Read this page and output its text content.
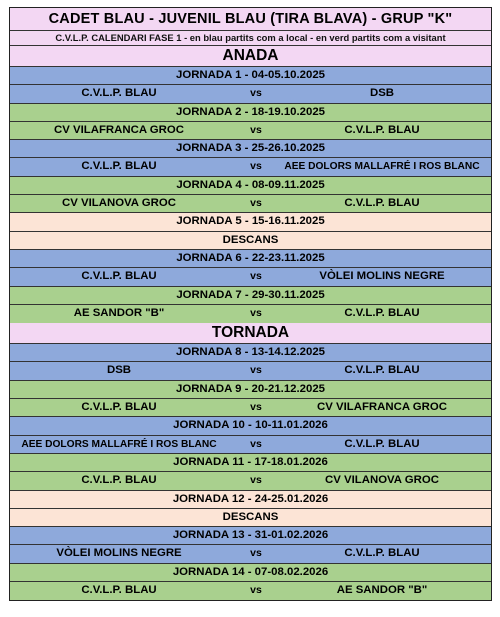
CADET BLAU - JUVENIL BLAU (TIRA BLAVA) - GRUP "K"
C.V.L.P. CALENDARI FASE 1 - en blau partits com a local - en verd partits com a visitant
ANADA
JORNADA 1 - 04-05.10.2025
C.V.L.P. BLAU	vs	DSB
JORNADA 2 - 18-19.10.2025
CV VILAFRANCA GROC	vs	C.V.L.P. BLAU
JORNADA 3 - 25-26.10.2025
C.V.L.P. BLAU	vs	AEE DOLORS MALLAFRÉ I ROS BLANC
JORNADA 4 - 08-09.11.2025
CV VILANOVA GROC	vs	C.V.L.P. BLAU
JORNADA 5 - 15-16.11.2025
DESCANS
JORNADA 6 - 22-23.11.2025
C.V.L.P. BLAU	vs	VÒLEI MOLINS NEGRE
JORNADA 7 - 29-30.11.2025
AE SANDOR "B"	vs	C.V.L.P. BLAU
TORNADA
JORNADA 8 - 13-14.12.2025
DSB	vs	C.V.L.P. BLAU
JORNADA 9 - 20-21.12.2025
C.V.L.P. BLAU	vs	CV VILAFRANCA GROC
JORNADA 10 - 10-11.01.2026
AEE DOLORS MALLAFRÉ I ROS BLANC	vs	C.V.L.P. BLAU
JORNADA 11 - 17-18.01.2026
C.V.L.P. BLAU	vs	CV VILANOVA GROC
JORNADA 12 - 24-25.01.2026
DESCANS
JORNADA 13 - 31-01.02.2026
VÒLEI MOLINS NEGRE	vs	C.V.L.P. BLAU
JORNADA 14 - 07-08.02.2026
C.V.L.P. BLAU	vs	AE SANDOR "B"
